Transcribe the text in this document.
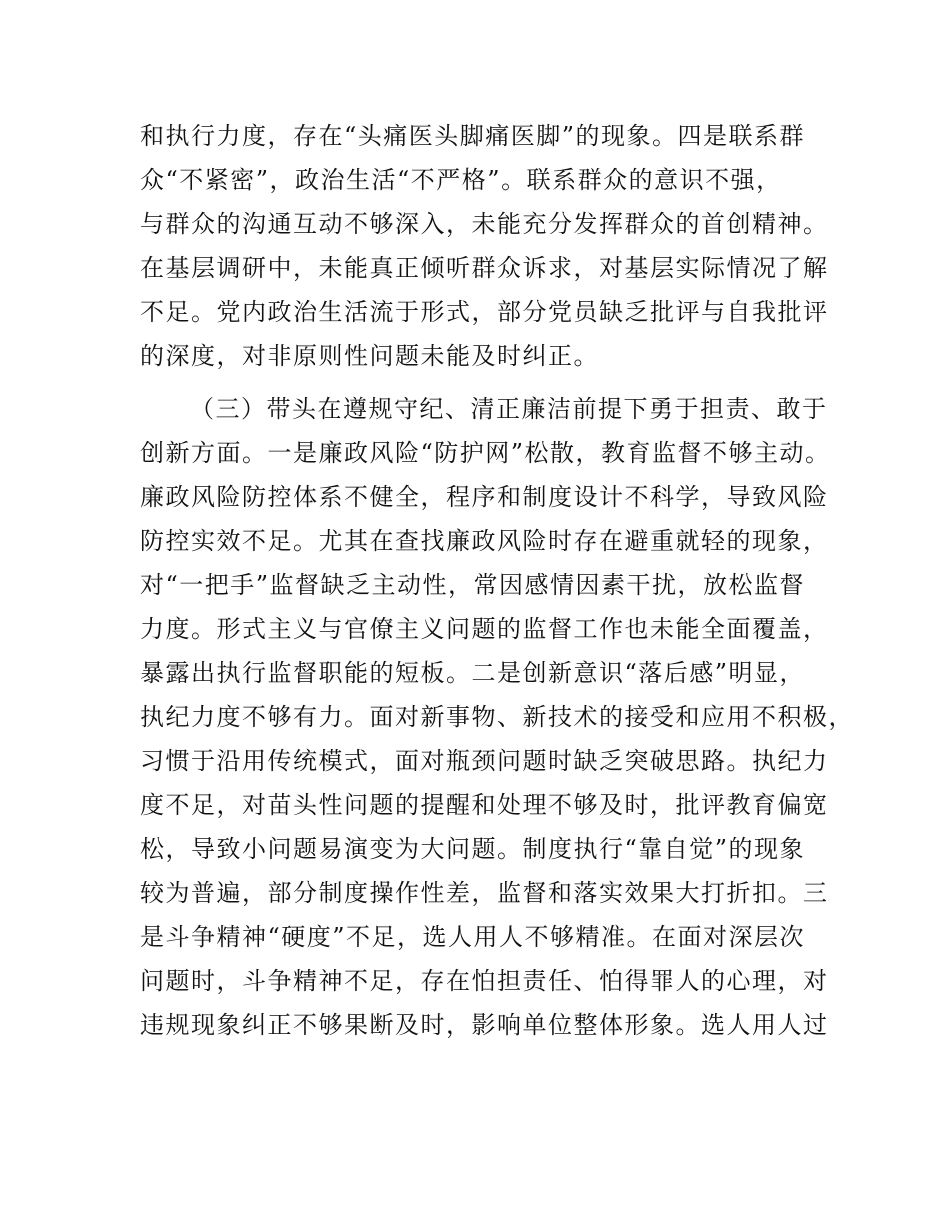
和执行力度，存在“头痛医头脚痛医脚”的现象。四是联系群
众“不紧密”，政治生活“不严格”。联系群众的意识不强，
与群众的沟通互动不够深入，未能充分发挥群众的首创精神。
在基层调研中，未能真正倾听群众诉求，对基层实际情况了解
不足。党内政治生活流于形式，部分党员缺乏批评与自我批评
的深度，对非原则性问题未能及时纠正。
（三）带头在遵规守纪、清正廉洁前提下勇于担责、敢于
创新方面。一是廉政风险“防护网”松散，教育监督不够主动。
廉政风险防控体系不健全，程序和制度设计不科学，导致风险
防控实效不足。尤其在查找廉政风险时存在避重就轻的现象，
对“一把手”监督缺乏主动性，常因感情因素干扰，放松监督
力度。形式主义与官僚主义问题的监督工作也未能全面覆盖，
暴露出执行监督职能的短板。二是创新意识“落后感”明显，
执纪力度不够有力。面对新事物、新技术的接受和应用不积极，
习惯于沿用传统模式，面对瓶颈问题时缺乏突破思路。执纪力
度不足，对苗头性问题的提醒和处理不够及时，批评教育偏宽
松，导致小问题易演变为大问题。制度执行“靠自觉”的现象
较为普遍，部分制度操作性差，监督和落实效果大打折扣。三
是斗争精神“硬度”不足，选人用人不够精准。在面对深层次
问题时，斗争精神不足，存在怕担责任、怕得罪人的心理，对
违规现象纠正不够果断及时，影响单位整体形象。选人用人过
